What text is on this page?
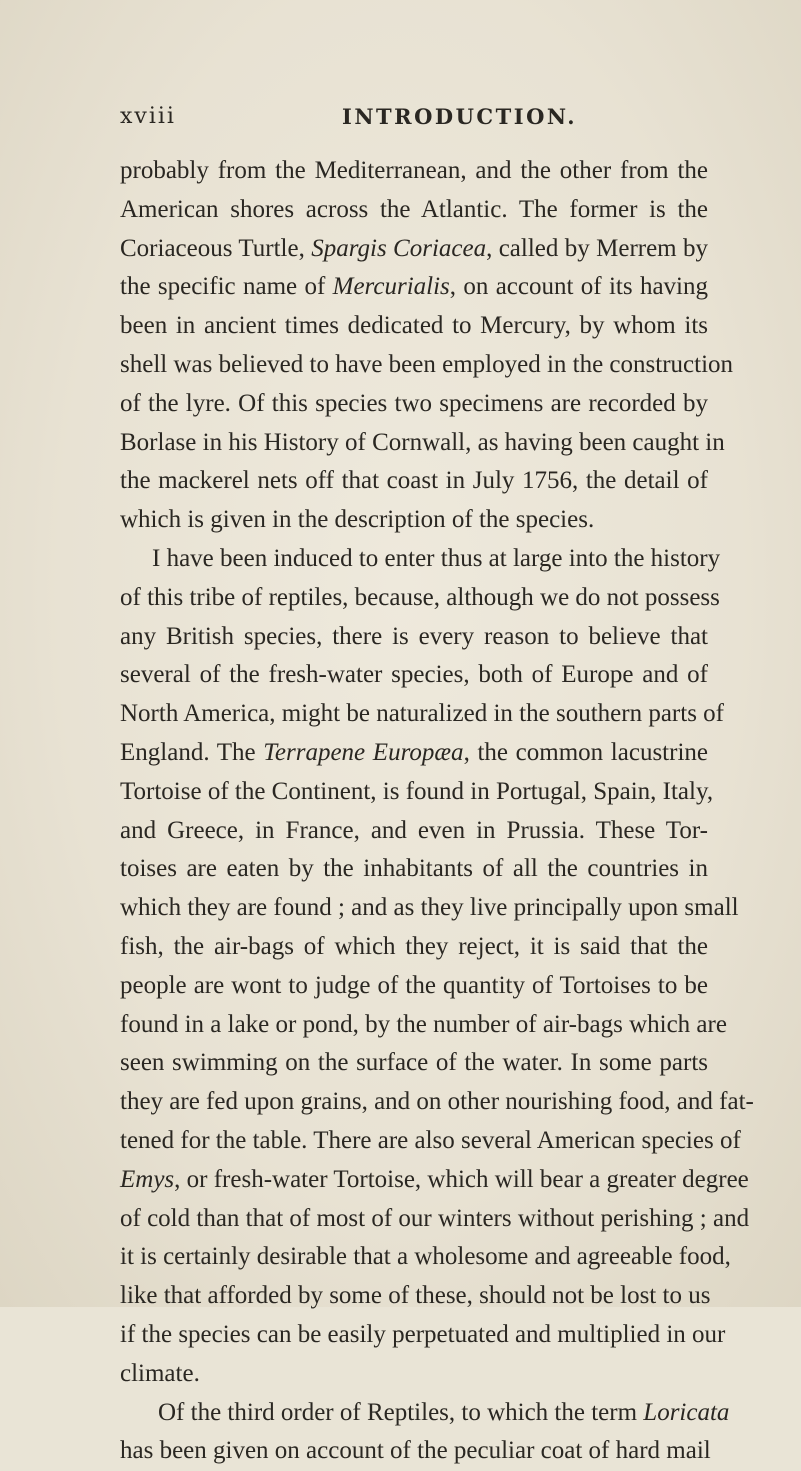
xviii	INTRODUCTION.
probably from the Mediterranean, and the other from the
American shores across the Atlantic. The former is the
Coriaceous Turtle, Spargis Coriacea, called by Merrem by
the specific name of Mercurialis, on account of its having
been in ancient times dedicated to Mercury, by whom its
shell was believed to have been employed in the construction
of the lyre. Of this species two specimens are recorded by
Borlase in his History of Cornwall, as having been caught in
the mackerel nets off that coast in July 1756, the detail of
which is given in the description of the species.
I have been induced to enter thus at large into the history
of this tribe of reptiles, because, although we do not possess
any British species, there is every reason to believe that
several of the fresh-water species, both of Europe and of
North America, might be naturalized in the southern parts of
England. The Terrapene Europæa, the common lacustrine
Tortoise of the Continent, is found in Portugal, Spain, Italy,
and Greece, in France, and even in Prussia. These Tor-
toises are eaten by the inhabitants of all the countries in
which they are found ; and as they live principally upon small
fish, the air-bags of which they reject, it is said that the
people are wont to judge of the quantity of Tortoises to be
found in a lake or pond, by the number of air-bags which are
seen swimming on the surface of the water. In some parts
they are fed upon grains, and on other nourishing food, and fat-
tened for the table. There are also several American species of
Emys, or fresh-water Tortoise, which will bear a greater degree
of cold than that of most of our winters without perishing ; and
it is certainly desirable that a wholesome and agreeable food,
like that afforded by some of these, should not be lost to us
if the species can be easily perpetuated and multiplied in our
climate.
Of the third order of Reptiles, to which the term Loricata
has been given on account of the peculiar coat of hard mail
